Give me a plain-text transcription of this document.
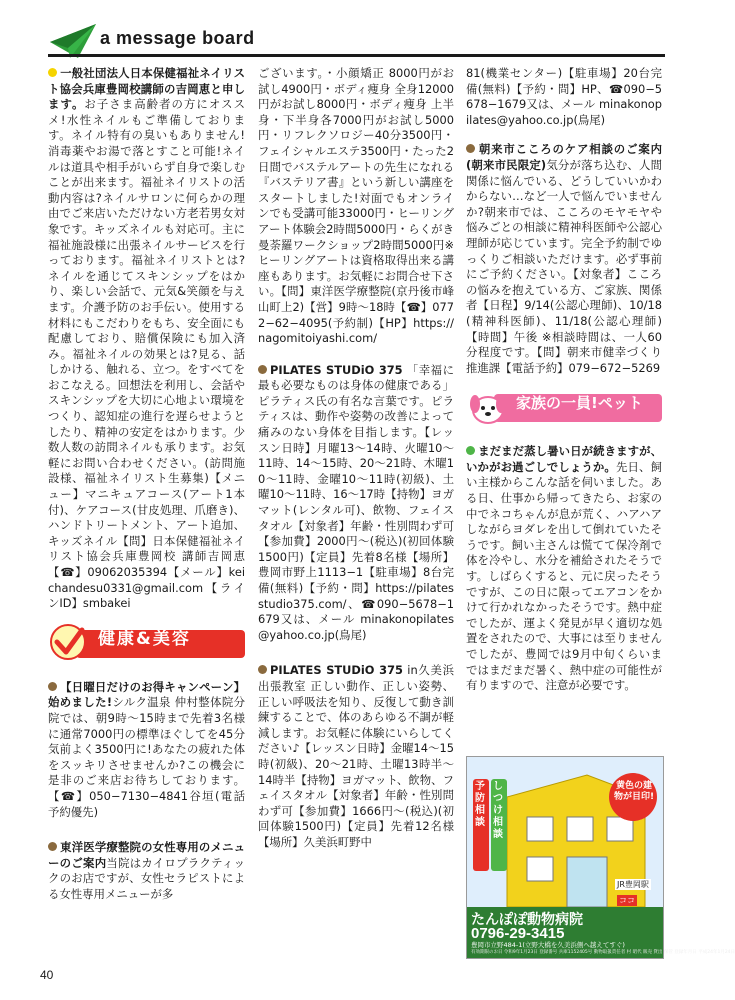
a message board

一般社団法人日本保健福祉ネイリスト協会兵庫豊岡校講師の吉岡恵と申します。お子さま高齢者の方にオススメ!水性ネイルもご準備しております。ネイル特有の臭いもありません!消毒薬やお湯で落とすこと可能!ネイルは道具や相手がいらず自身で楽しむことが出来ます。福祉ネイリストの活動内容は?ネイルサロンに何らかの理由でご来店いただけない方老若男女対象です。キッズネイルも対応可。主に福祉施設様に出張ネイルサービスを行っております。福祉ネイリストとは?ネイルを通じてスキンシップをはかり、楽しい会話で、元気&笑顔を与えます。介護予防のお手伝い。使用する材料にもこだわりをもち、安全面にも配慮しており、賠償保険にも加入済み。福祉ネイルの効果とは?見る、話しかける、触れる、立つ。をすべてをおこなえる。回想法を利用し、会話やスキンシップを大切に心地よい環境をつくり、認知症の進行を遅らせようとしたり、精神の安定をはかります。少数人数の訪問ネイルも承ります。お気軽にお問い合わせください。(訪問施設様、福祉ネイリスト生募集)【メニュー】マニキュアコース(アート1本付)、ケアコース(甘皮処理、爪磨き)、ハンドトリートメント、アート追加、キッズネイル【問】日本保健福祉ネイリスト協会兵庫豊岡校 講師吉岡恵【☎】09062035394【メール】kei chandesu0331@gmail.com【ラインID】smbakei

健康&美容

【日曜日だけのお得キャンペーン】始めました!シルク温泉 仲村整体院分院では、朝9時〜15時まで先着3名様に通常7000円の標準ほぐしてを45分気前よく3500円に!あなたの疲れた体をスッキリさせませんか?この機会に是非のご来店お待ちしております。【☎】050−7130−4841谷垣(電話予約優先)

東洋医学療整院の女性専用のメニューのご案内当院はカイロプラクティックのお店ですが、女性セラピストによる女性専用メニューが多

ございます。・小顔矯正 8000円がお試し4900円・ボディ痩身 全身12000円がお試し8000円・ボディ痩身 上半身・下半身各7000円がお試し5000円・リフレクソロジー40分3500円・フェイシャルエステ3500円・たった2日間でバステルアートの先生になれる『バステリア書』という新しい講座をスタートしました!対面でもオンラインでも受講可能33000円・ヒーリングアート体験会2時間5000円・らくがき曼荼羅ワークショップ2時間5000円※ヒーリングアートは資格取得出来る講座もあります。お気軽にお問合せ下さい。【問】東洋医学療整院(京丹後市峰山町上2)【営】9時〜18時【☎】0772−62−4095(予約制)【HP】https://nagomitoiyashi.com/

PILATES STUDiO 375 「幸福に最も必要なものは身体の健康である」ピラティス氏の有名な言葉です。ピラティスは、動作や姿勢の改善によって痛みのない身体を目指します。【レッスン日時】月曜13〜14時、火曜10〜11時、14〜15時、20〜21時、木曜10〜11時、金曜10〜11時(初級)、土曜10〜11時、16〜17時【持物】ヨガマット(レンタル可)、飲物、フェイスタオル【対象者】年齢・性別問わず可【参加費】2000円〜(税込)(初回体験1500円)【定員】先着8名様【場所】豊岡市野上1113−1【駐車場】8台完備(無料)【予約・問】https://pilatesstudio375.com/、☎090−5678−1679又は、メール minakonopilates@yahoo.co.jp(鳥尾)

PILATES STUDiO 375 in久美浜出張教室 正しい動作、正しい姿勢、正しい呼吸法を知り、反復して動き訓練することで、体のあらゆる不調が軽減します。お気軽に体験にいらしてください♪【レッスン日時】金曜14〜15時(初級)、20〜21時、土曜13時半〜14時半【持物】ヨガマット、飲物、フェイスタオル【対象者】年齢・性別問わず可【参加費】1666円〜(税込)(初回体験1500円)【定員】先着12名様【場所】久美浜町野中

81(機業センター)【駐車場】20台完備(無料)【予約・問】HP、☎090−5678−1679又は、メール minakonopilates@yahoo.co.jp(鳥尾)

朝来市こころのケア相談のご案内(朝来市民限定)気分が落ち込む、人間関係に悩んでいる、どうしていいかわからない…など一人で悩んでいませんか?朝来市では、こころのモヤモヤや悩みごとの相談に精神科医師や公認心理師が応じています。完全予約制でゆっくりご相談いただけます。必ず事前にご予約ください。【対象者】こころの悩みを抱えている方、ご家族、関係者【日程】9/14(公認心理師)、10/18(精神科医師)、11/18(公認心理師)【時間】午後 ※相談時間は、一人60分程度です。【問】朝来市健幸づくり推進課【電話予約】079−672−5269

家族の一員!ペット

まだまだ蒸し暑い日が続きますが、いかがお過ごしでしょうか。先日、飼い主様からこんな話を伺いました。ある日、仕事から帰ってきたら、お家の中でネコちゃんが息が荒く、ハアハアしながらヨダレを出して倒れていたそうです。飼い主さんは慌てて保冷剤で体を冷やし、水分を補給されたそうです。しばらくすると、元に戻ったそうですが、この日に限ってエアコンをかけて行かれなかったそうです。熱中症でしたが、運よく発見が早く適切な処置をされたので、大事には至りませんでしたが、豊岡では9月中旬くらいまではまだまだ暑く、熱中症の可能性が有りますので、注意が必要です。

予防相談
しつけ相談
黄色の建物が目印!
JR豊岡駅
ココ
たんぽぽ動物病院
0796-29-3415
豊岡市立野484-1(立野大橋を久美浜側へ越えてすぐ)
有効期限のお日 令和9年1月23日 登録番号 兵庫1152405号 動物取扱責任者 村 昭代 販売 貸出 保管 登録年月日 平成24年1月24日
40
